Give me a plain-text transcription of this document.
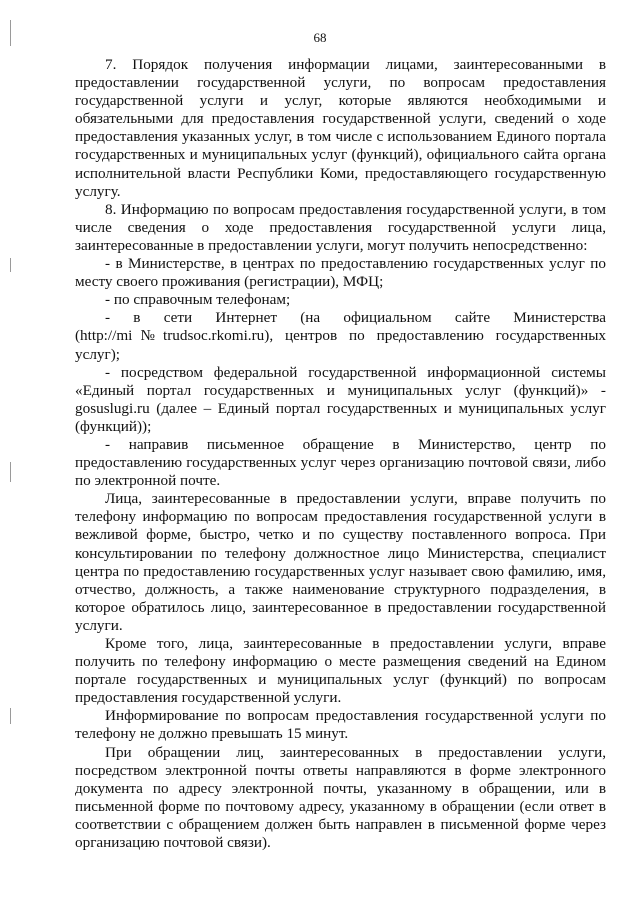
68

7. Порядок получения информации лицами, заинтересованными в предоставлении государственной услуги, по вопросам предоставления государственной услуги и услуг, которые являются необходимыми и обязательными для предоставления государственной услуги, сведений о ходе предоставления указанных услуг, в том числе с использованием Единого портала государственных и муниципальных услуг (функций), официального сайта органа исполнительной власти Республики Коми, предоставляющего государственную услугу.

8. Информацию по вопросам предоставления государственной услуги, в том числе сведения о ходе предоставления государственной услуги лица, заинтересованные в предоставлении услуги, могут получить непосредственно:

- в Министерстве, в центрах по предоставлению государственных услуг по месту своего проживания (регистрации), МФЦ;

- по справочным телефонам;

- в сети Интернет (на официальном сайте Министерства (http://mi№trudsoc.rkomi.ru), центров по предоставлению государственных услуг);

- посредством федеральной государственной информационной системы «Единый портал государственных и муниципальных услуг (функций)» - gosuslugi.ru (далее – Единый портал государственных и муниципальных услуг (функций));

- направив письменное обращение в Министерство, центр по предоставлению государственных услуг через организацию почтовой связи, либо по электронной почте.

Лица, заинтересованные в предоставлении услуги, вправе получить по телефону информацию по вопросам предоставления государственной услуги в вежливой форме, быстро, четко и по существу поставленного вопроса. При консультировании по телефону должностное лицо Министерства, специалист центра по предоставлению государственных услуг называет свою фамилию, имя, отчество, должность, а также наименование структурного подразделения, в которое обратилось лицо, заинтересованное в предоставлении государственной услуги.

Кроме того, лица, заинтересованные в предоставлении услуги, вправе получить по телефону информацию о месте размещения сведений на Едином портале государственных и муниципальных услуг (функций) по вопросам предоставления государственной услуги.

Информирование по вопросам предоставления государственной услуги по телефону не должно превышать 15 минут.

При обращении лиц, заинтересованных в предоставлении услуги, посредством электронной почты ответы направляются в форме электронного документа по адресу электронной почты, указанному в обращении, или в письменной форме по почтовому адресу, указанному в обращении (если ответ в соответствии с обращением должен быть направлен в письменной форме через организацию почтовой связи).
